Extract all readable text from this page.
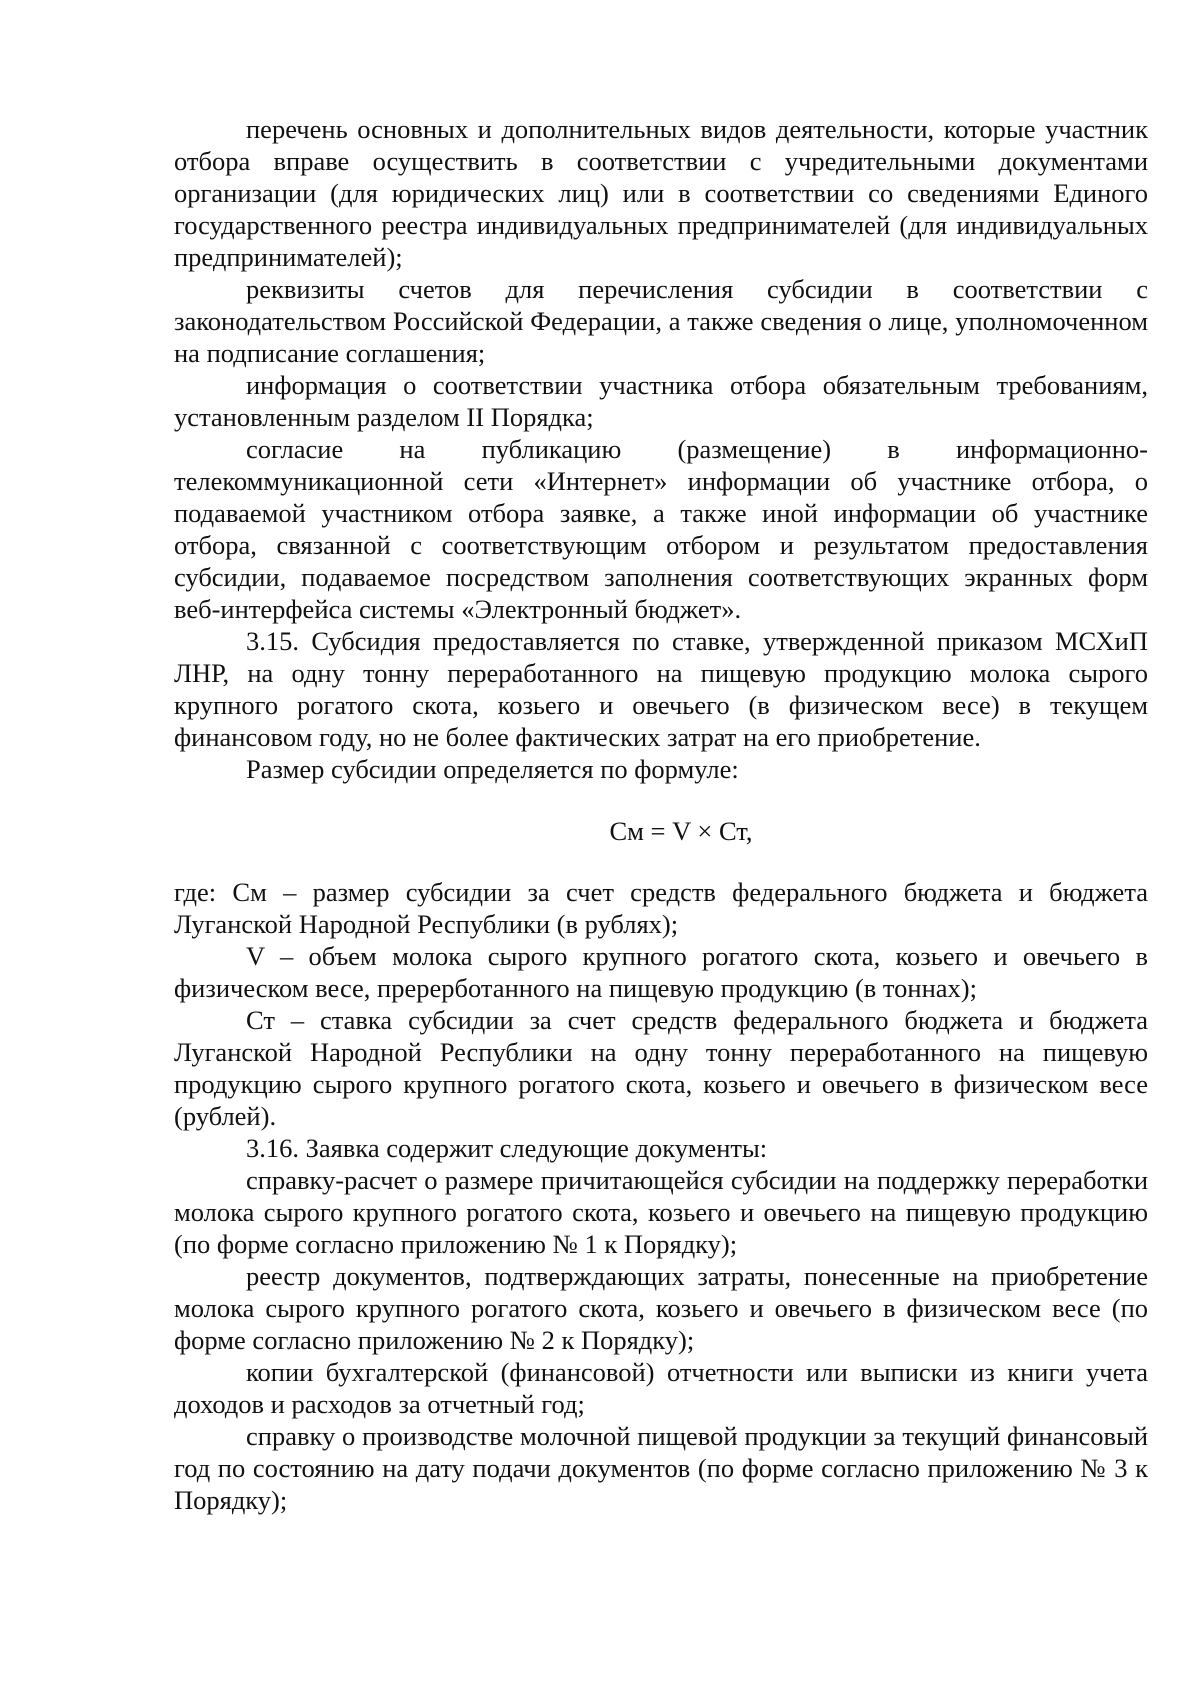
перечень основных и дополнительных видов деятельности, которые участник отбора вправе осуществить в соответствии с учредительными документами организации (для юридических лиц) или в соответствии со сведениями Единого государственного реестра индивидуальных предпринимателей (для индивидуальных предпринимателей);

реквизиты счетов для перечисления субсидии в соответствии с законодательством Российской Федерации, а также сведения о лице, уполномоченном на подписание соглашения;

информация о соответствии участника отбора обязательным требованиям, установленным разделом II Порядка;

согласие на публикацию (размещение) в информационно-телекоммуникационной сети «Интернет» информации об участнике отбора, о подаваемой участником отбора заявке, а также иной информации об участнике отбора, связанной с соответствующим отбором и результатом предоставления субсидии, подаваемое посредством заполнения соответствующих экранных форм веб-интерфейса системы «Электронный бюджет».

3.15. Субсидия предоставляется по ставке, утвержденной приказом МСХиП ЛНР, на одну тонну переработанного на пищевую продукцию молока сырого крупного рогатого скота, козьего и овечьего (в физическом весе) в текущем финансовом году, но не более фактических затрат на его приобретение.

Размер субсидии определяется по формуле:

См = V × Ст,

где: См – размер субсидии за счет средств федерального бюджета и бюджета Луганской Народной Республики (в рублях);

V – объем молока сырого крупного рогатого скота, козьего и овечьего в физическом весе, пререрботанного на пищевую продукцию (в тоннах);

Ст – ставка субсидии за счет средств федерального бюджета и бюджета Луганской Народной Республики на одну тонну переработанного на пищевую продукцию сырого крупного рогатого скота, козьего и овечьего в физическом весе (рублей).

3.16. Заявка содержит следующие документы:

справку-расчет о размере причитающейся субсидии на поддержку переработки молока сырого крупного рогатого скота, козьего и овечьего на пищевую продукцию (по форме согласно приложению № 1 к Порядку);

реестр документов, подтверждающих затраты, понесенные на приобретение молока сырого крупного рогатого скота, козьего и овечьего в физическом весе (по форме согласно приложению № 2 к Порядку);

копии бухгалтерской (финансовой) отчетности или выписки из книги учета доходов и расходов за отчетный год;

справку о производстве молочной пищевой продукции за текущий финансовый год по состоянию на дату подачи документов (по форме согласно приложению № 3 к Порядку);
